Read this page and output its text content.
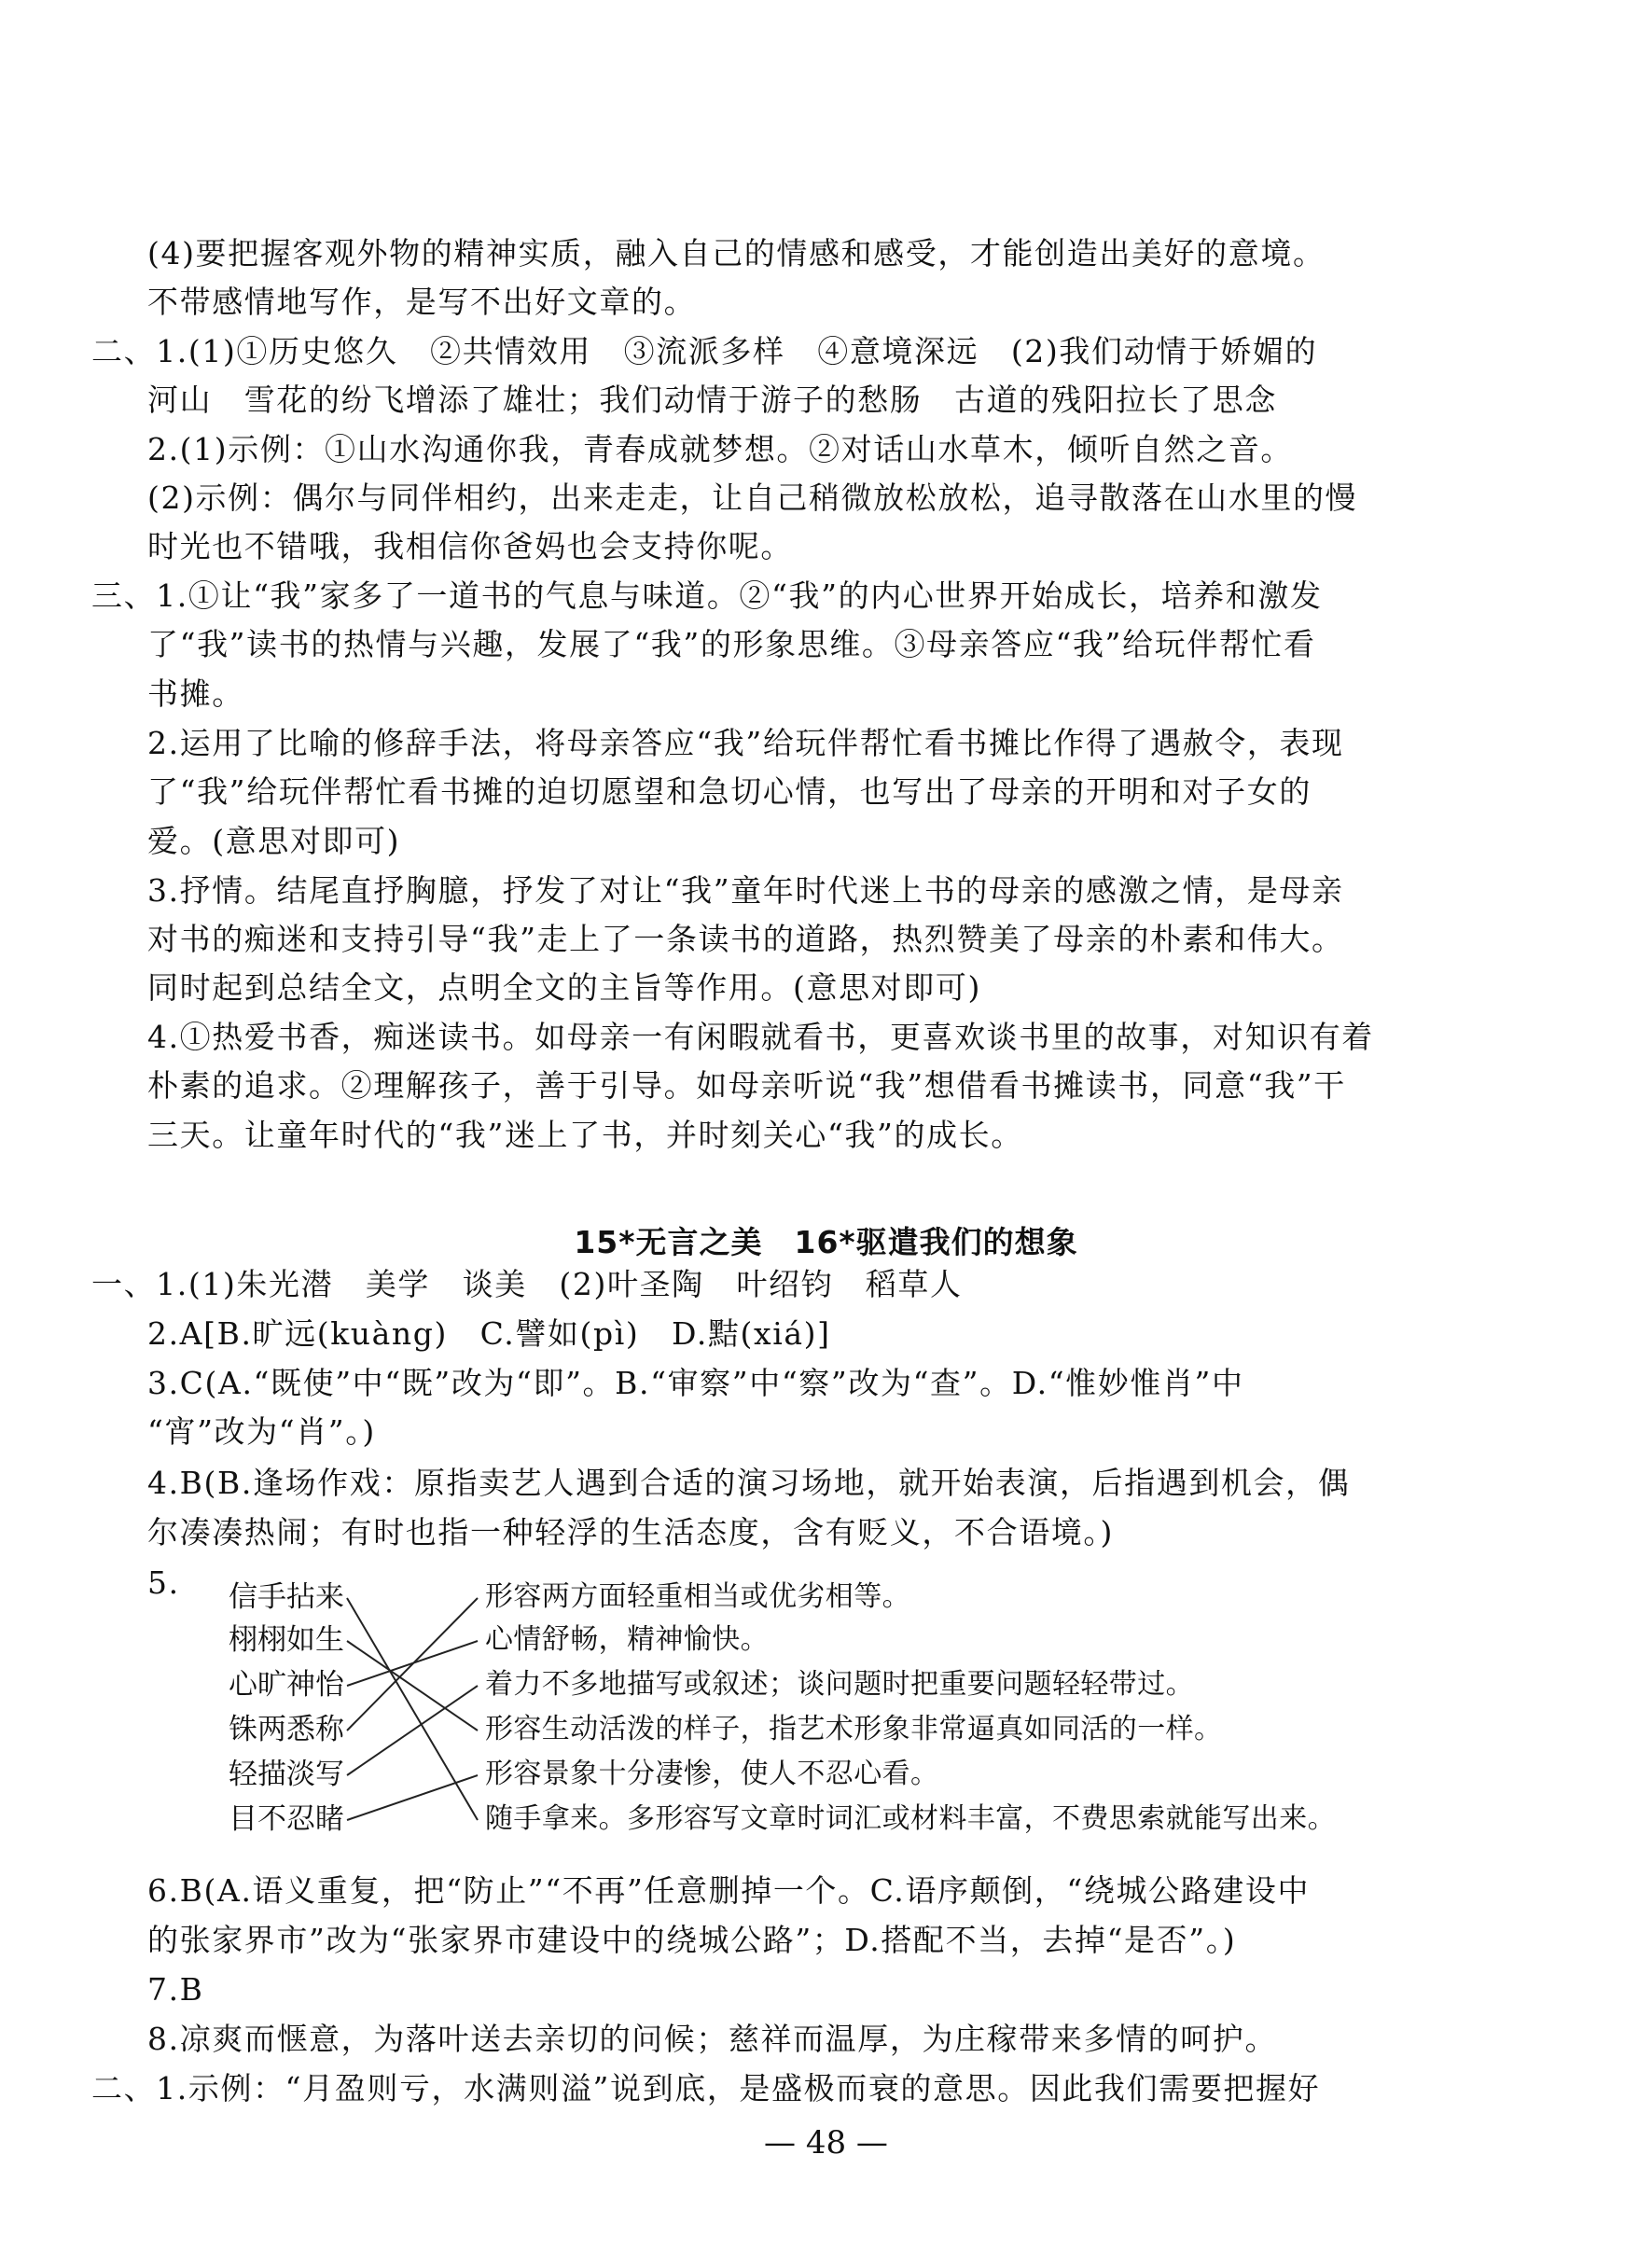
(4)要把握客观外物的精神实质，融入自己的情感和感受，才能创造出美好的意境。
不带感情地写作，是写不出好文章的。
二、1.(1)①历史悠久　②共情效用　③流派多样　④意境深远　(2)我们动情于娇媚的
河山　雪花的纷飞增添了雄壮；我们动情于游子的愁肠　古道的残阳拉长了思念
2.(1)示例：①山水沟通你我，青春成就梦想。②对话山水草木，倾听自然之音。
(2)示例：偶尔与同伴相约，出来走走，让自己稍微放松放松，追寻散落在山水里的慢
时光也不错哦，我相信你爸妈也会支持你呢。
三、1.①让“我”家多了一道书的气息与味道。②“我”的内心世界开始成长，培养和激发
了“我”读书的热情与兴趣，发展了“我”的形象思维。③母亲答应“我”给玩伴帮忙看
书摊。
2.运用了比喻的修辞手法，将母亲答应“我”给玩伴帮忙看书摊比作得了遇赦令，表现
了“我”给玩伴帮忙看书摊的迫切愿望和急切心情，也写出了母亲的开明和对子女的
爱。(意思对即可)
3.抒情。结尾直抒胸臆，抒发了对让“我”童年时代迷上书的母亲的感激之情，是母亲
对书的痴迷和支持引导“我”走上了一条读书的道路，热烈赞美了母亲的朴素和伟大。
同时起到总结全文，点明全文的主旨等作用。(意思对即可)
4.①热爱书香，痴迷读书。如母亲一有闲暇就看书，更喜欢谈书里的故事，对知识有着
朴素的追求。②理解孩子，善于引导。如母亲听说“我”想借看书摊读书，同意“我”干
三天。让童年时代的“我”迷上了书，并时刻关心“我”的成长。
15*无言之美　16*驱遣我们的想象
一、1.(1)朱光潜　美学　谈美　(2)叶圣陶　叶绍钧　稻草人
2.A[B.旷远(kuàng)　C.譬如(pì)　D.黠(xiá)]
3.C(A.“既使”中“既”改为“即”。B.“审察”中“察”改为“查”。D.“惟妙惟肖”中
“宵”改为“肖”。)
4.B(B.逢场作戏：原指卖艺人遇到合适的演习场地，就开始表演，后指遇到机会，偶
尔凑凑热闹；有时也指一种轻浮的生活态度，含有贬义，不合语境。)
5. 信手拈来
栩栩如生
心旷神怡
铢两悉称
轻描淡写
目不忍睹
形容两方面轻重相当或优劣相等。
心情舒畅，精神愉快。
着力不多地描写或叙述；谈问题时把重要问题轻轻带过。
形容生动活泼的样子，指艺术形象非常逼真如同活的一样。
形容景象十分凄惨，使人不忍心看。
随手拿来。多形容写文章时词汇或材料丰富，不费思索就能写出来。
6.B(A.语义重复，把“防止”“不再”任意删掉一个。C.语序颠倒，“绕城公路建设中
的张家界市”改为“张家界市建设中的绕城公路”；D.搭配不当，去掉“是否”。)
7.B
8.凉爽而惬意，为落叶送去亲切的问候；慈祥而温厚，为庄稼带来多情的呵护。
二、1.示例：“月盈则亏，水满则溢”说到底，是盛极而衰的意思。因此我们需要把握好
— 48 —
